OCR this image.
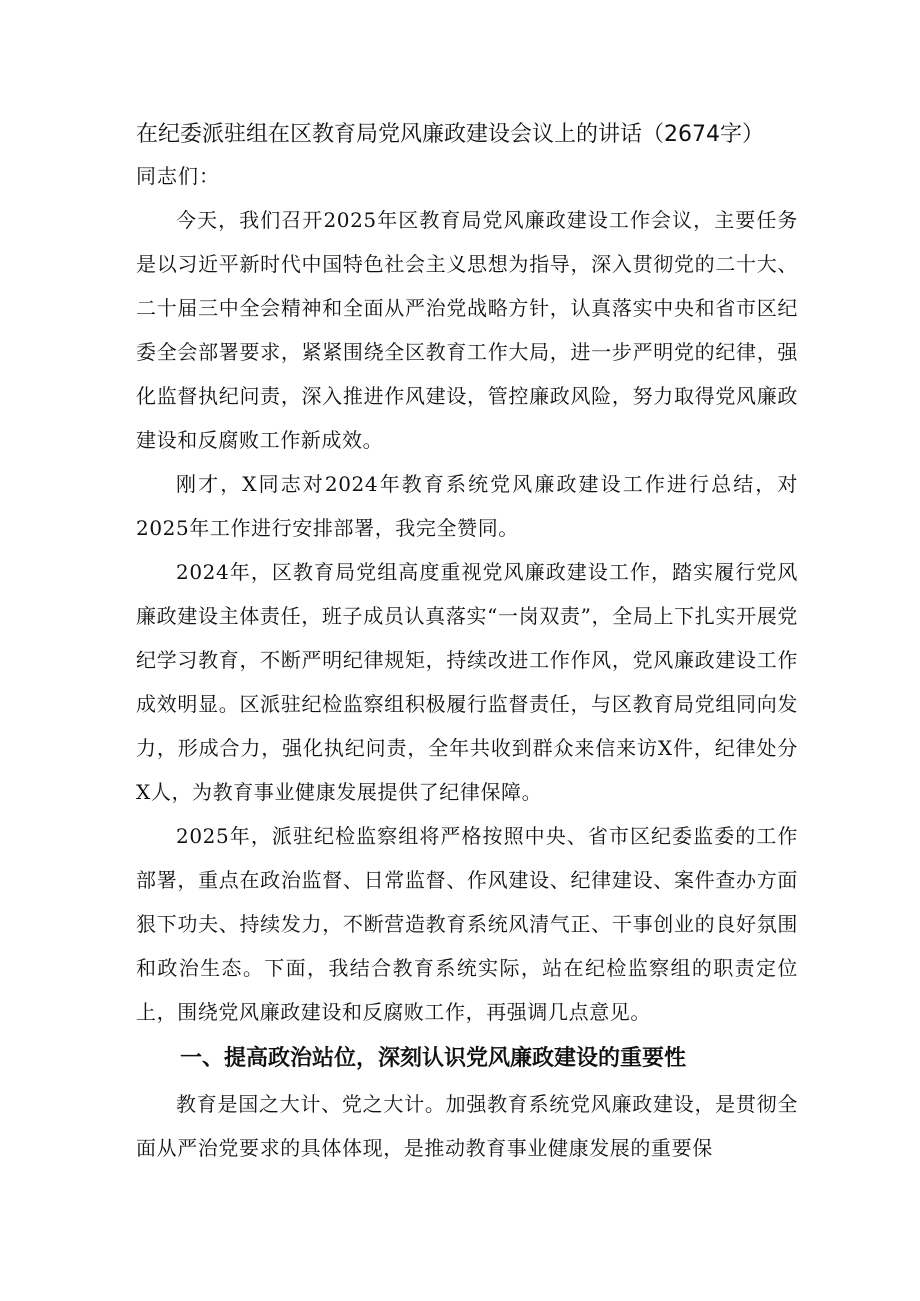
在纪委派驻组在区教育局党风廉政建设会议上的讲话（2674字）

同志们：

今天，我们召开2025年区教育局党风廉政建设工作会议，主要任务是以习近平新时代中国特色社会主义思想为指导，深入贯彻党的二十大、二十届三中全会精神和全面从严治党战略方针，认真落实中央和省市区纪委全会部署要求，紧紧围绕全区教育工作大局，进一步严明党的纪律，强化监督执纪问责，深入推进作风建设，管控廉政风险，努力取得党风廉政建设和反腐败工作新成效。

刚才，X同志对2024年教育系统党风廉政建设工作进行总结，对2025年工作进行安排部署，我完全赞同。

2024年，区教育局党组高度重视党风廉政建设工作，踏实履行党风廉政建设主体责任，班子成员认真落实“一岗双责”，全局上下扎实开展党纪学习教育，不断严明纪律规矩，持续改进工作作风，党风廉政建设工作成效明显。区派驻纪检监察组积极履行监督责任，与区教育局党组同向发力，形成合力，强化执纪问责，全年共收到群众来信来访X件，纪律处分X人，为教育事业健康发展提供了纪律保障。

2025年，派驻纪检监察组将严格按照中央、省市区纪委监委的工作部署，重点在政治监督、日常监督、作风建设、纪律建设、案件查办方面狠下功夫、持续发力，不断营造教育系统风清气正、干事创业的良好氛围和政治生态。下面，我结合教育系统实际，站在纪检监察组的职责定位上，围绕党风廉政建设和反腐败工作，再强调几点意见。

一、提高政治站位，深刻认识党风廉政建设的重要性

教育是国之大计、党之大计。加强教育系统党风廉政建设，是贯彻全面从严治党要求的具体体现，是推动教育事业健康发展的重要保
